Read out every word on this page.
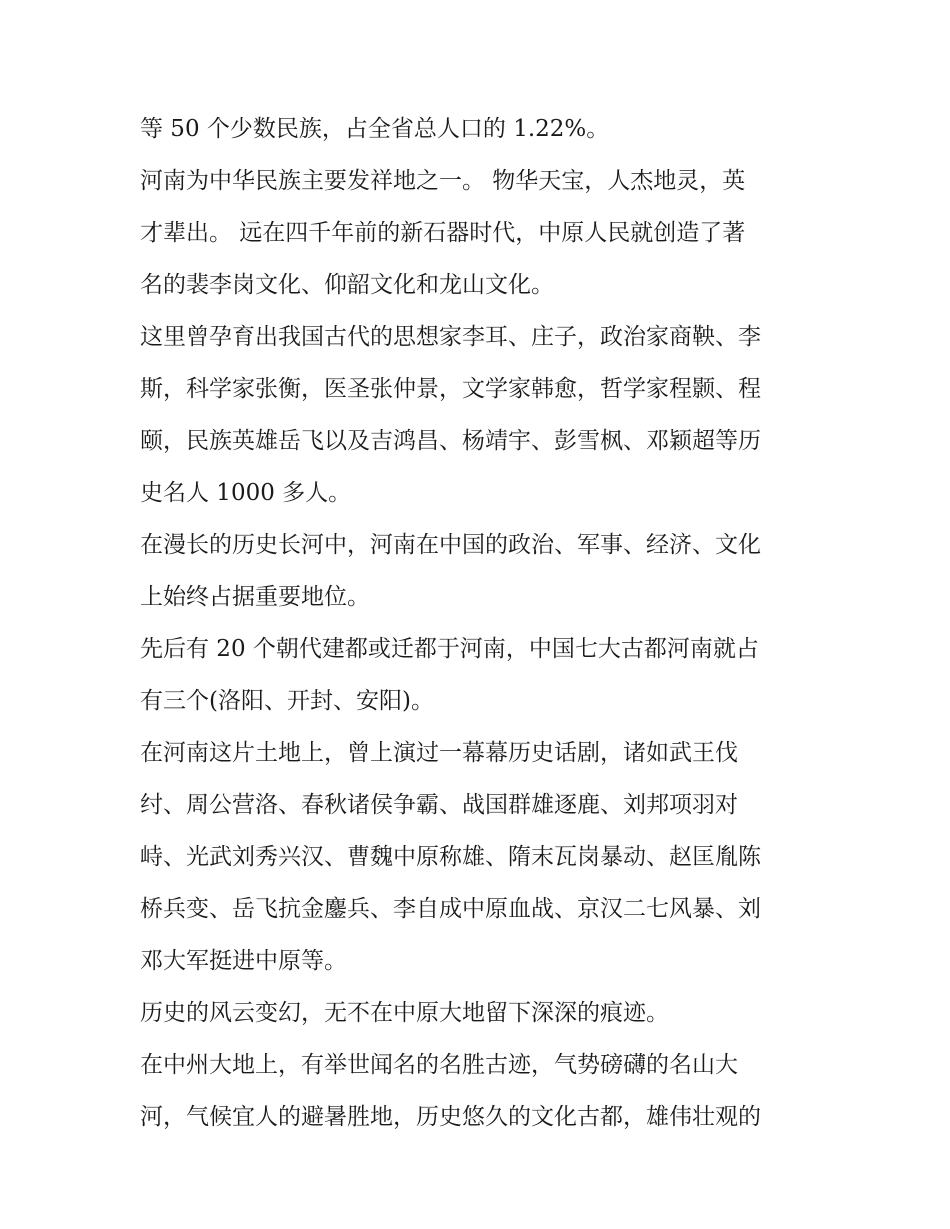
等 50 个少数民族，占全省总人口的 1.22%。
河南为中华民族主要发祥地之一。 物华天宝，人杰地灵，英
才辈出。 远在四千年前的新石器时代，中原人民就创造了著
名的裴李岗文化、仰韶文化和龙山文化。
这里曾孕育出我国古代的思想家李耳、庄子，政治家商鞅、李
斯，科学家张衡，医圣张仲景，文学家韩愈，哲学家程颢、程
颐，民族英雄岳飞以及吉鸿昌、杨靖宇、彭雪枫、邓颖超等历
史名人 1000 多人。
在漫长的历史长河中，河南在中国的政治、军事、经济、文化
上始终占据重要地位。
先后有 20 个朝代建都或迁都于河南，中国七大古都河南就占
有三个(洛阳、开封、安阳)。
在河南这片土地上，曾上演过一幕幕历史话剧，诸如武王伐
纣、周公营洛、春秋诸侯争霸、战国群雄逐鹿、刘邦项羽对
峙、光武刘秀兴汉、曹魏中原称雄、隋末瓦岗暴动、赵匡胤陈
桥兵变、岳飞抗金鏖兵、李自成中原血战、京汉二七风暴、刘
邓大军挺进中原等。
历史的风云变幻，无不在中原大地留下深深的痕迹。
在中州大地上，有举世闻名的名胜古迹，气势磅礴的名山大
河，气候宜人的避暑胜地，历史悠久的文化古都，雄伟壮观的
